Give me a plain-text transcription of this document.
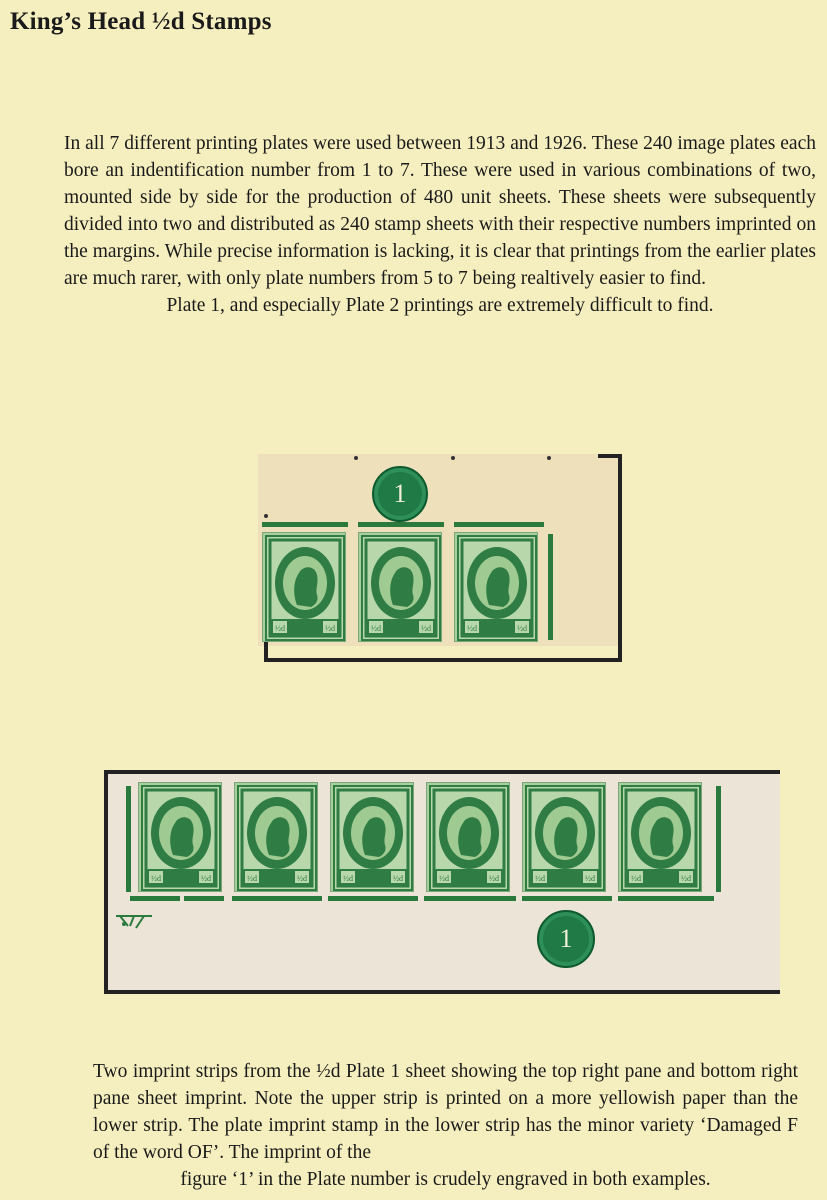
King’s Head ½d Stamps
In all 7 different printing plates were used between 1913 and 1926. These 240 image plates each bore an indentification number from 1 to 7. These were used in various combinations of two, mounted side by side for the production of 480 unit sheets. These sheets were subsequently divided into two and distributed as 240 stamp sheets with their respective numbers imprinted on the margins. While precise information is lacking, it is clear that printings from the earlier plates are much rarer, with only plate numbers from 5 to 7 being realtively easier to find.
Plate 1, and especially Plate 2 printings are extremely difficult to find.
1
½d	½d	½d	½d	½d	½d
1
½d	½d	½d	½d	½d	½d	½d	½d	½d	½d	½d	½d
Two imprint strips from the ½d Plate 1 sheet showing the top right pane and bottom right pane sheet imprint. Note the upper strip is printed on a more yellowish paper than the lower strip. The plate imprint stamp in the lower strip has the minor variety ‘Damaged F of the word OF’. The imprint of the
figure ‘1’ in the Plate number is crudely engraved in both examples.
